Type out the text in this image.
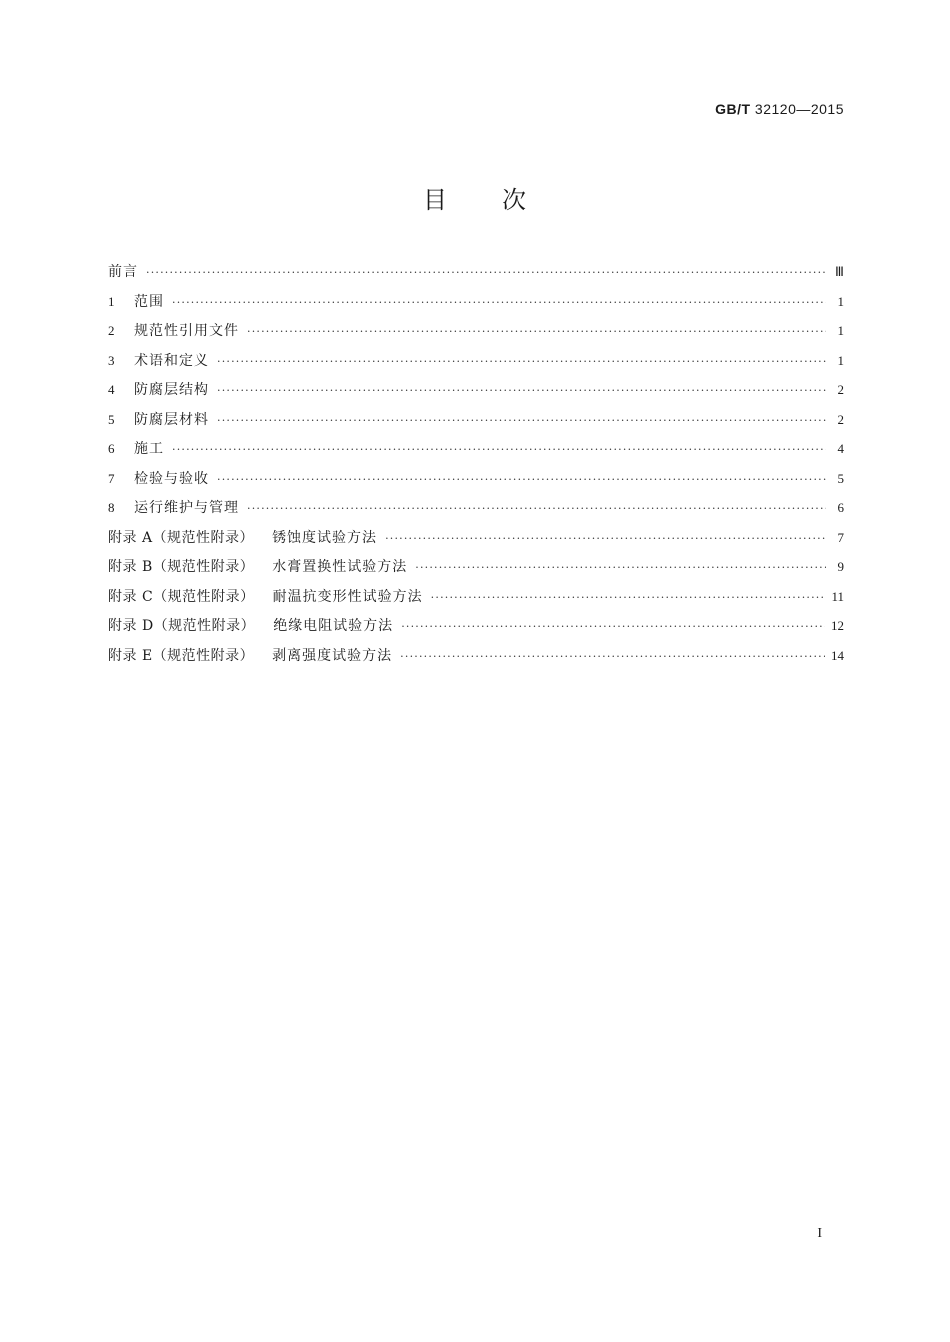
GB/T 32120—2015
目 次
前言 ·····	Ⅲ
1	范围 ·····	1
2	规范性引用文件 ·····	1
3	术语和定义 ·····	1
4	防腐层结构 ·····	2
5	防腐层材料 ·····	2
6	施工 ·····	4
7	检验与验收 ·····	5
8	运行维护与管理 ·····	6
附录 A（规范性附录） 锈蚀度试验方法 ·····	7
附录 B（规范性附录） 水膏置换性试验方法 ·····	9
附录 C（规范性附录） 耐温抗变形性试验方法 ·····	11
附录 D（规范性附录） 绝缘电阻试验方法 ·····	12
附录 E（规范性附录） 剥离强度试验方法 ·····	14
I
